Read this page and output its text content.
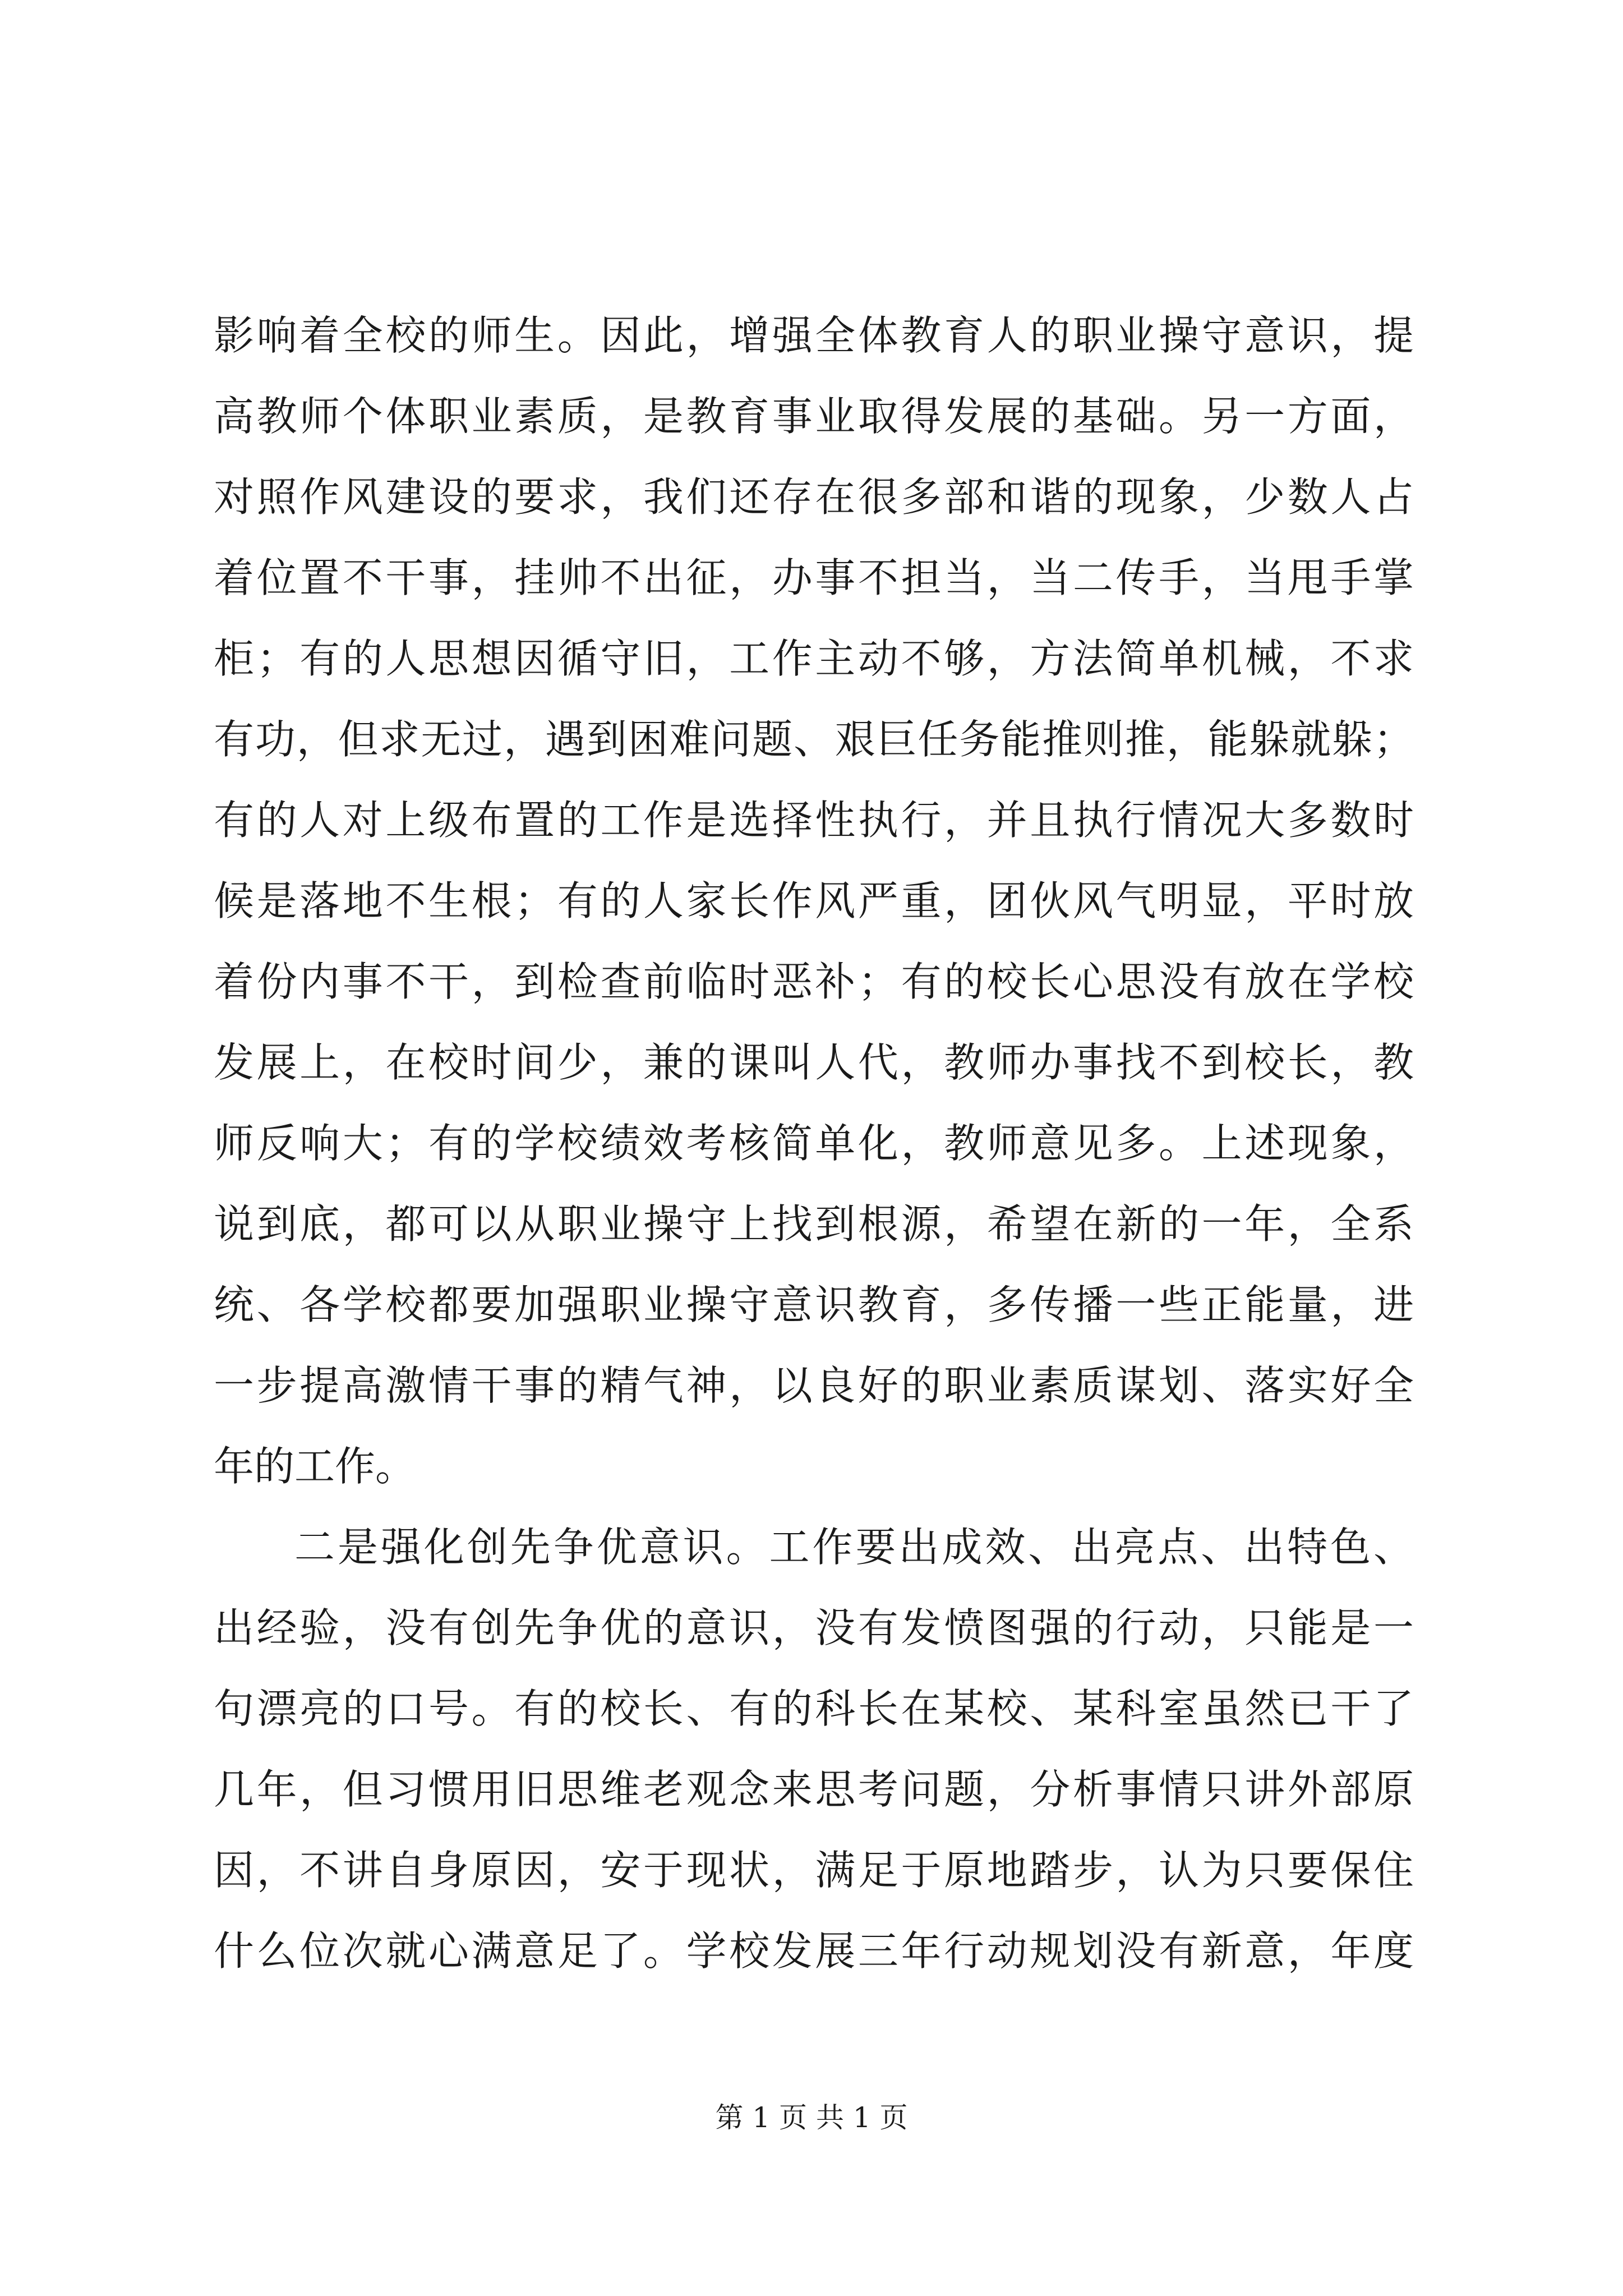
影响着全校的师生。因此，增强全体教育人的职业操守意识，提
高教师个体职业素质，是教育事业取得发展的基础。另一方面，
对照作风建设的要求，我们还存在很多部和谐的现象，少数人占
着位置不干事，挂帅不出征，办事不担当，当二传手，当甩手掌
柜；有的人思想因循守旧，工作主动不够，方法简单机械，不求
有功，但求无过，遇到困难问题、艰巨任务能推则推，能躲就躲；
有的人对上级布置的工作是选择性执行，并且执行情况大多数时
候是落地不生根；有的人家长作风严重，团伙风气明显，平时放
着份内事不干，到检查前临时恶补；有的校长心思没有放在学校
发展上，在校时间少，兼的课叫人代，教师办事找不到校长，教
师反响大；有的学校绩效考核简单化，教师意见多。上述现象，
说到底，都可以从职业操守上找到根源，希望在新的一年，全系
统、各学校都要加强职业操守意识教育，多传播一些正能量，进
一步提高激情干事的精气神，以良好的职业素质谋划、落实好全
年的工作。
二是强化创先争优意识。工作要出成效、出亮点、出特色、
出经验，没有创先争优的意识，没有发愤图强的行动，只能是一
句漂亮的口号。有的校长、有的科长在某校、某科室虽然已干了
几年，但习惯用旧思维老观念来思考问题，分析事情只讲外部原
因，不讲自身原因，安于现状，满足于原地踏步，认为只要保住
什么位次就心满意足了。学校发展三年行动规划没有新意，年度
第 1 页 共 1 页
